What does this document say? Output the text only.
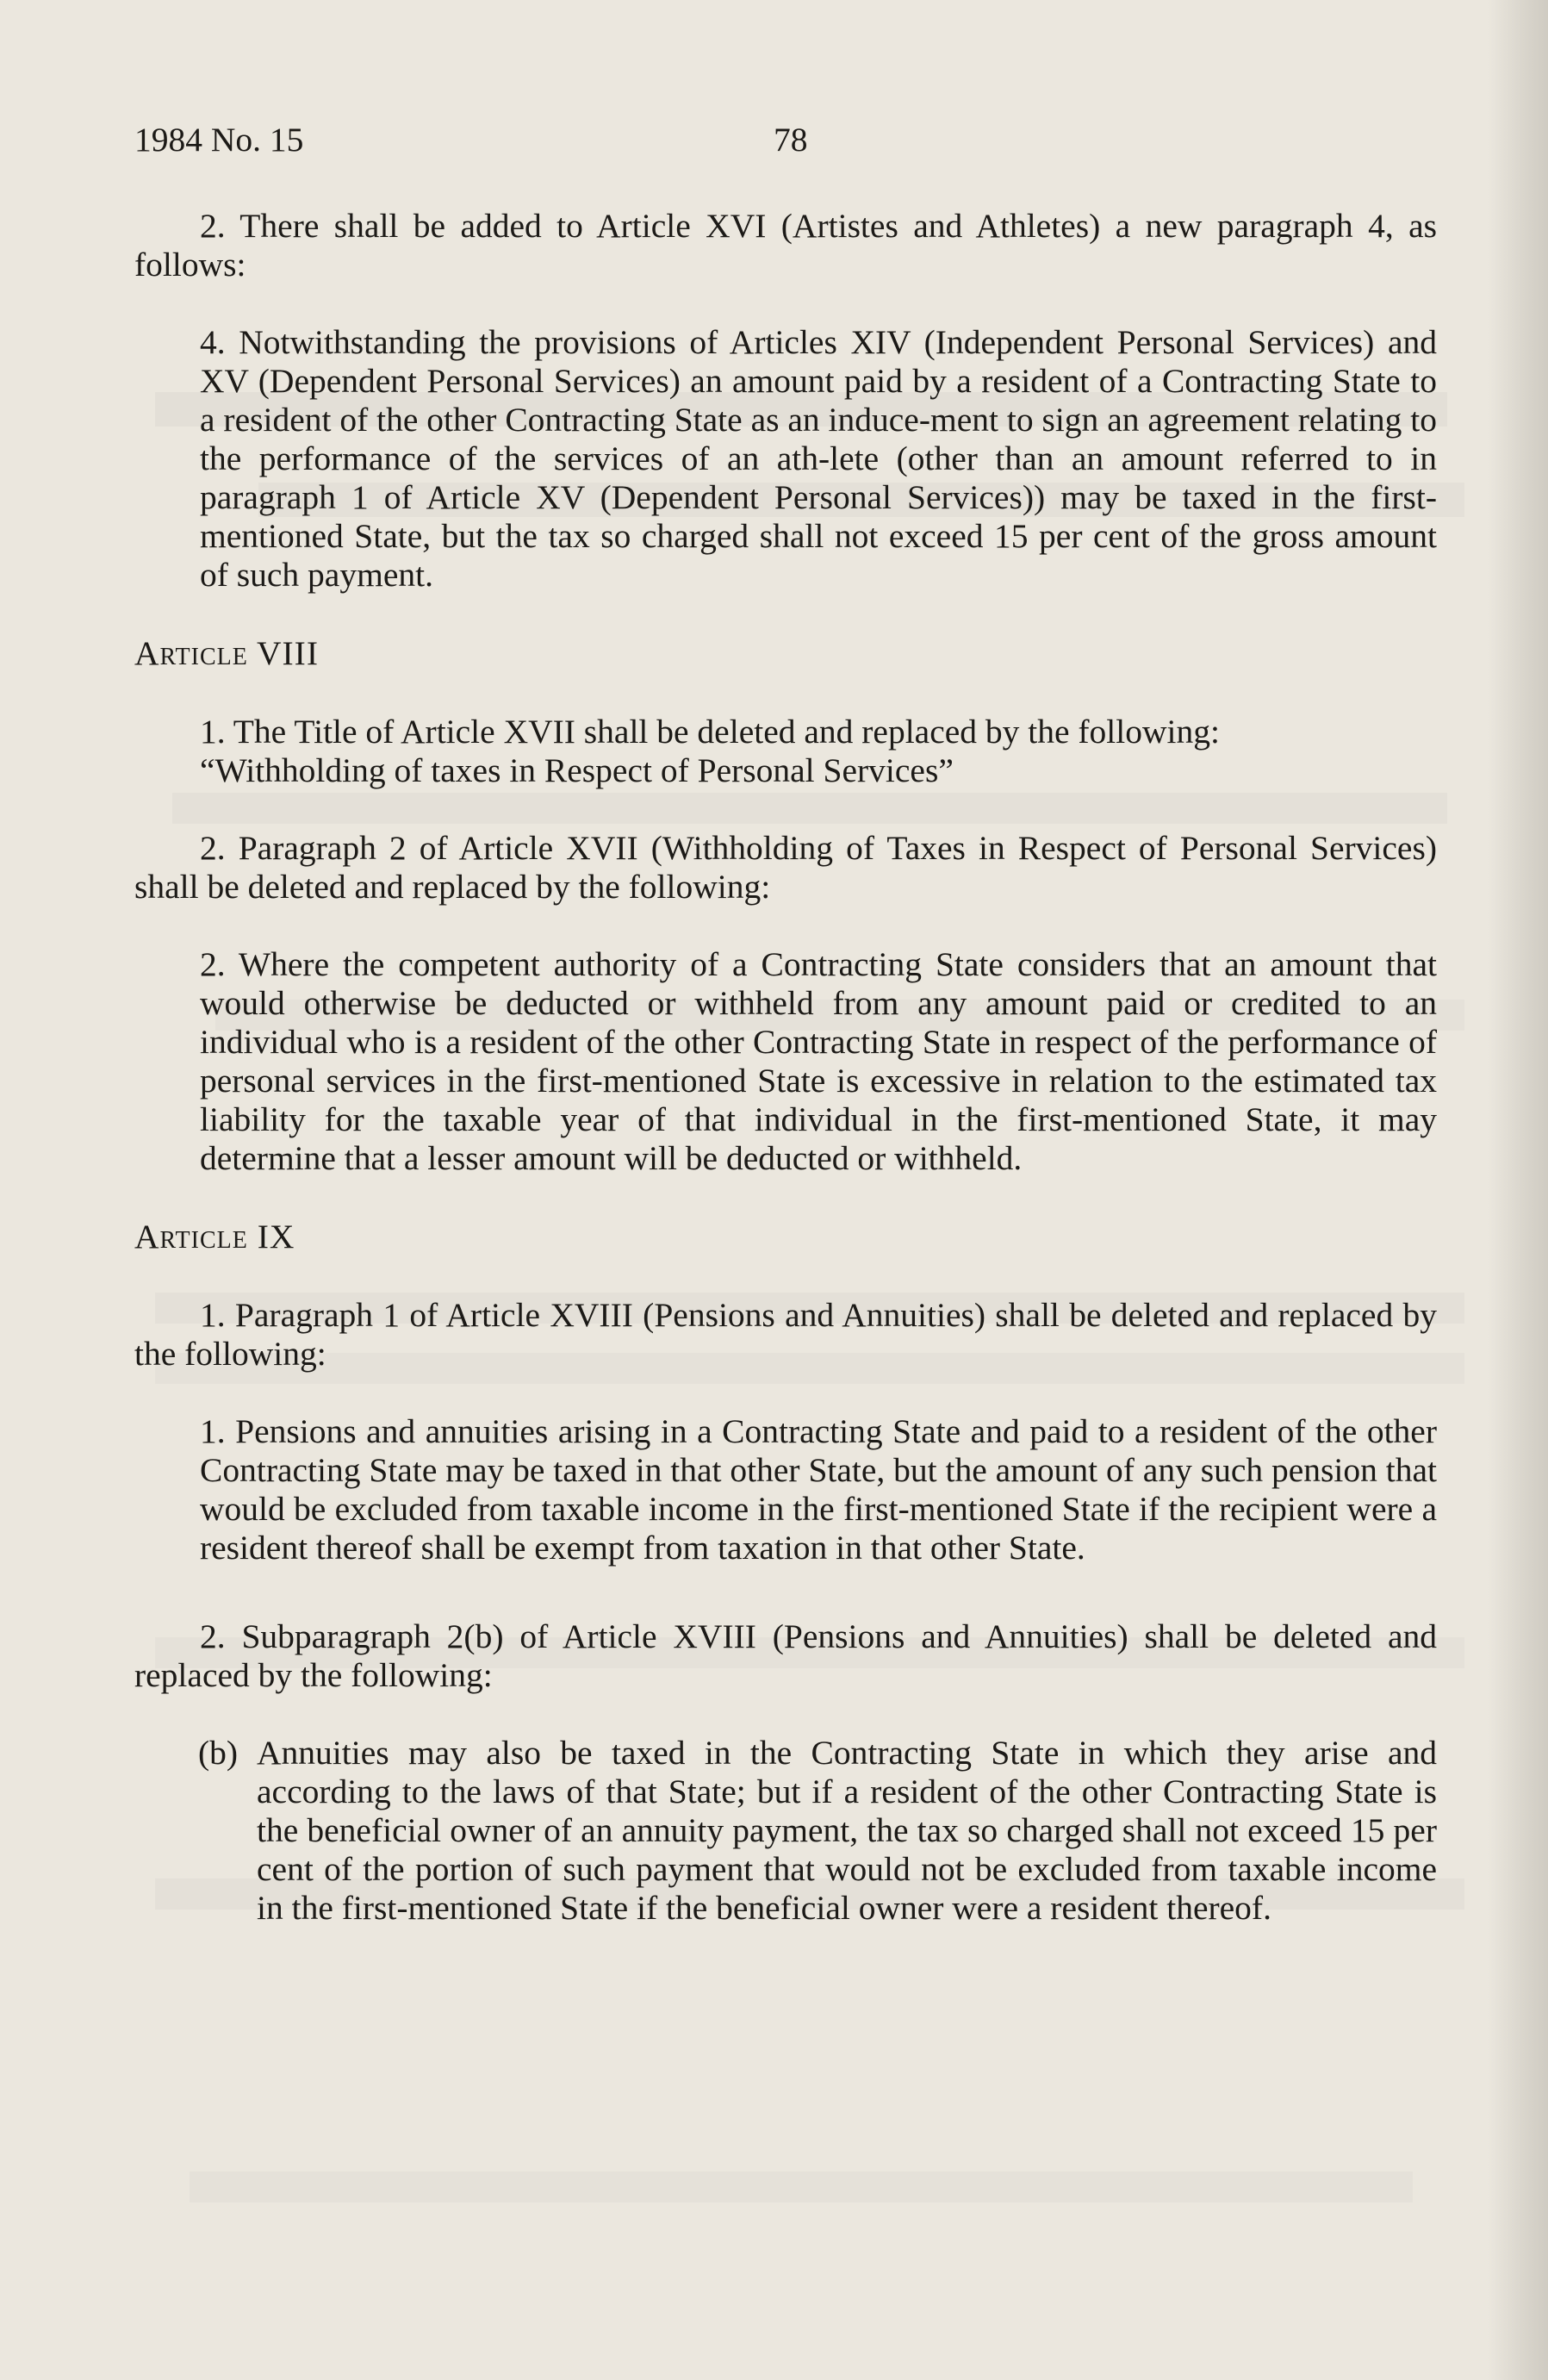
1984 No. 15	78

2. There shall be added to Article XVI (Artistes and Athletes) a new paragraph 4, as follows:

4. Notwithstanding the provisions of Articles XIV (Independent Personal Services) and XV (Dependent Personal Services) an amount paid by a resident of a Contracting State to a resident of the other Contracting State as an induce-ment to sign an agreement relating to the performance of the services of an ath-lete (other than an amount referred to in paragraph 1 of Article XV (Dependent Personal Services)) may be taxed in the first-mentioned State, but the tax so charged shall not exceed 15 per cent of the gross amount of such payment.

Article VIII

1. The Title of Article XVII shall be deleted and replaced by the following:

“Withholding of taxes in Respect of Personal Services”

2. Paragraph 2 of Article XVII (Withholding of Taxes in Respect of Personal Services) shall be deleted and replaced by the following:

2. Where the competent authority of a Contracting State considers that an amount that would otherwise be deducted or withheld from any amount paid or credited to an individual who is a resident of the other Contracting State in respect of the performance of personal services in the first-mentioned State is excessive in relation to the estimated tax liability for the taxable year of that individual in the first-mentioned State, it may determine that a lesser amount will be deducted or withheld.

Article IX

1. Paragraph 1 of Article XVIII (Pensions and Annuities) shall be deleted and replaced by the following:

1. Pensions and annuities arising in a Contracting State and paid to a resident of the other Contracting State may be taxed in that other State, but the amount of any such pension that would be excluded from taxable income in the first-mentioned State if the recipient were a resident thereof shall be exempt from taxation in that other State.

2. Subparagraph 2(b) of Article XVIII (Pensions and Annuities) shall be deleted and replaced by the following:

(b) Annuities may also be taxed in the Contracting State in which they arise and according to the laws of that State; but if a resident of the other Contracting State is the beneficial owner of an annuity payment, the tax so charged shall not exceed 15 per cent of the portion of such payment that would not be excluded from taxable income in the first-mentioned State if the beneficial owner were a resident thereof.
